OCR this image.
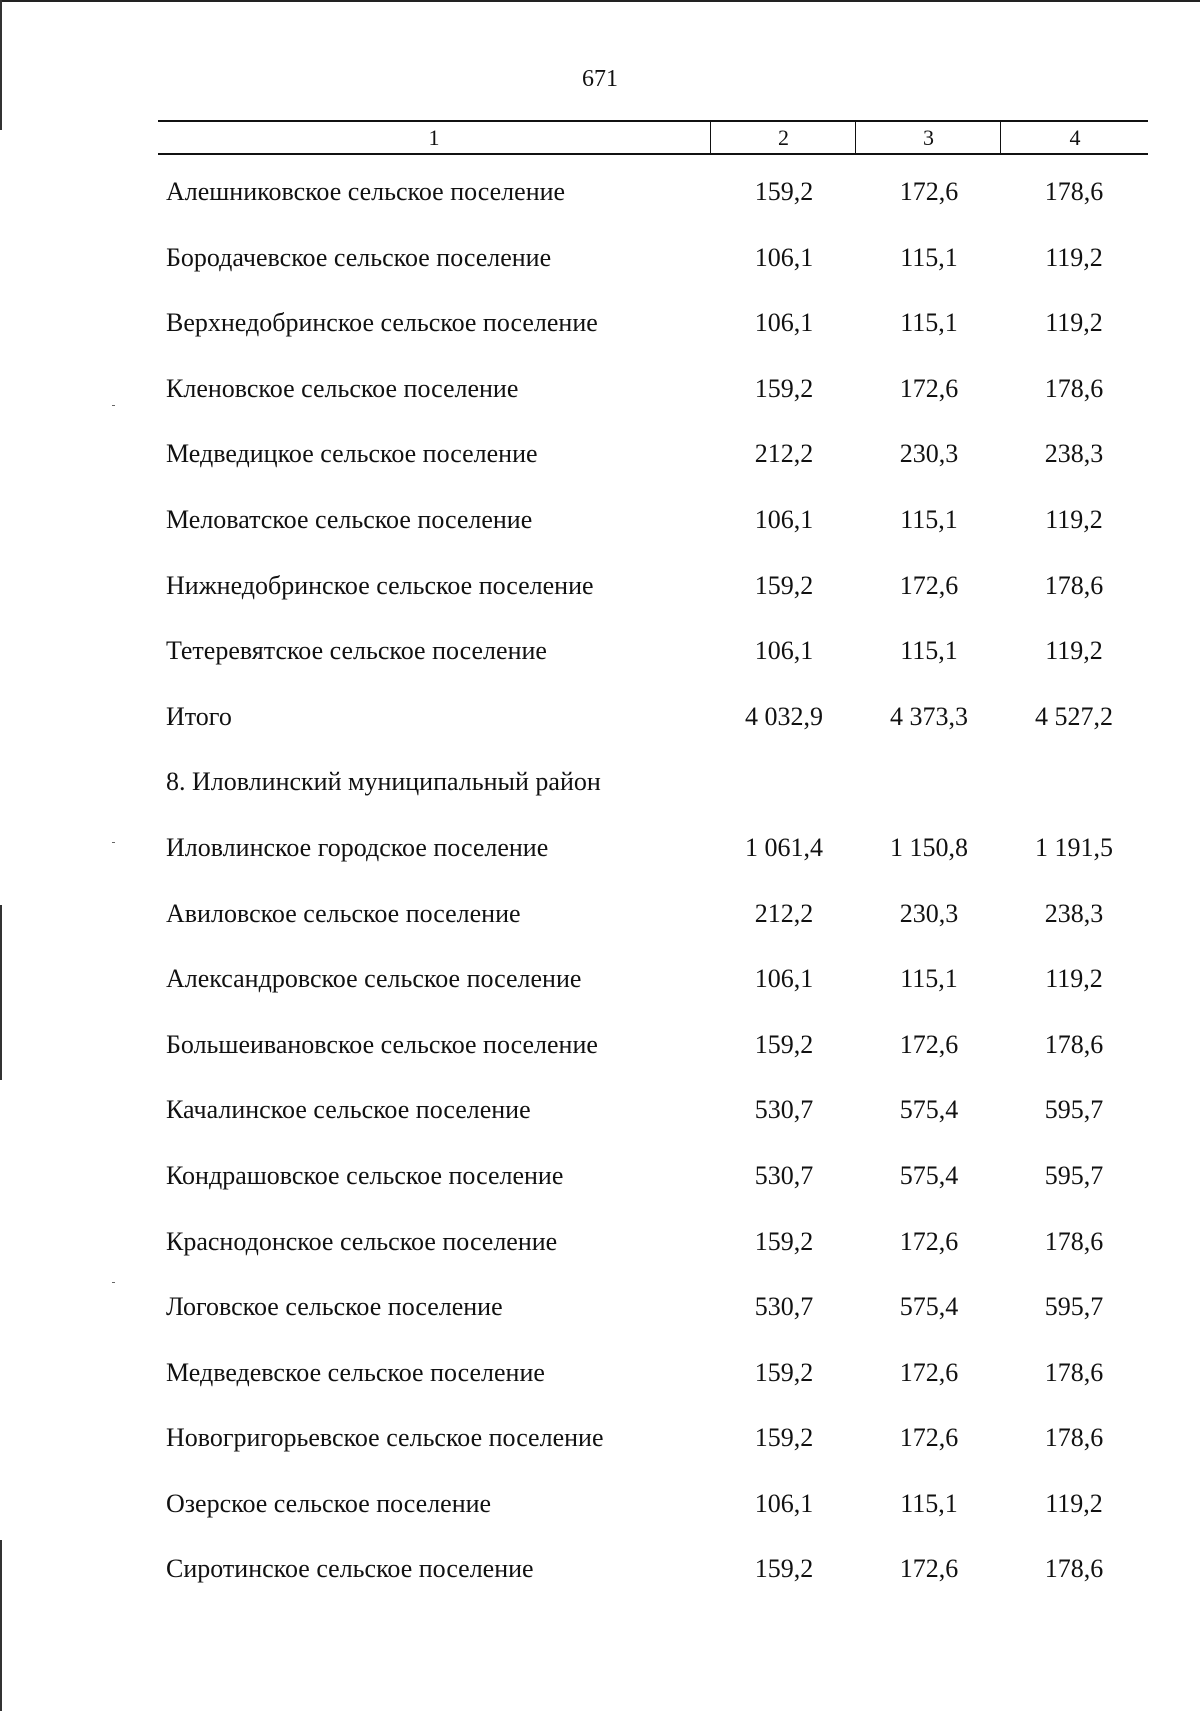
671
1	2	3	4
Алешниковское сельское поселение	159,2	172,6	178,6
Бородачевское сельское поселение	106,1	115,1	119,2
Верхнедобринское сельское поселение	106,1	115,1	119,2
Кленовское сельское поселение	159,2	172,6	178,6
Медведицкое сельское поселение	212,2	230,3	238,3
Меловатское сельское поселение	106,1	115,1	119,2
Нижнедобринское сельское поселение	159,2	172,6	178,6
Тетеревятское сельское поселение	106,1	115,1	119,2
Итого	4 032,9	4 373,3	4 527,2
8. Иловлинский муниципальный район
Иловлинское городское поселение	1 061,4	1 150,8	1 191,5
Авиловское сельское поселение	212,2	230,3	238,3
Александровское сельское поселение	106,1	115,1	119,2
Большеивановское сельское поселение	159,2	172,6	178,6
Качалинское сельское поселение	530,7	575,4	595,7
Кондрашовское сельское поселение	530,7	575,4	595,7
Краснодонское сельское поселение	159,2	172,6	178,6
Логовское сельское поселение	530,7	575,4	595,7
Медведевское сельское поселение	159,2	172,6	178,6
Новогригорьевское сельское поселение	159,2	172,6	178,6
Озерское сельское поселение	106,1	115,1	119,2
Сиротинское сельское поселение	159,2	172,6	178,6
